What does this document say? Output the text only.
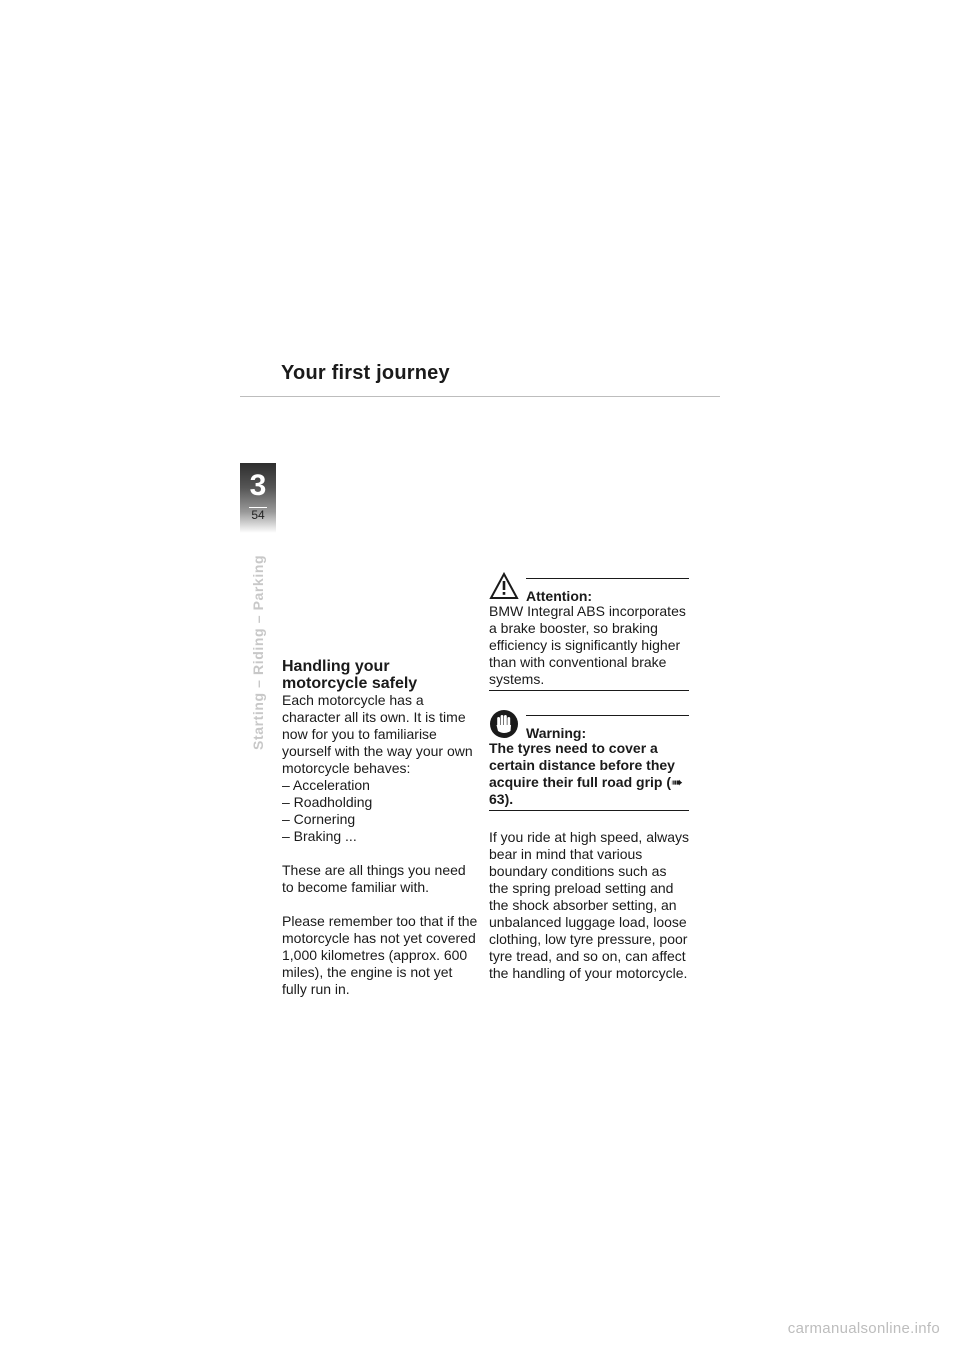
Your first journey
3
54
Starting – Riding – Parking Handling your motorcycle safely

Each motorcycle has a character all its own. It is time now for you to familiarise yourself with the way your own motorcycle behaves:

– Acceleration
– Roadholding
– Cornering
– Braking ...

These are all things you need to become familiar with.

Please remember too that if the motorcycle has not yet covered 1,000 kilometres (approx. 600 miles), the engine is not yet fully run in.

Attention:

BMW Integral ABS incorporates a brake booster, so braking efficiency is significantly higher than with conventional brake systems.

Warning:

The tyres need to cover a certain distance before they acquire their full road grip (➠ 63).

If you ride at high speed, always bear in mind that various boundary conditions such as the spring preload setting and the shock absorber setting, an unbalanced luggage load, loose clothing, low tyre pressure, poor tyre tread, and so on, can affect the handling of your motorcycle.

carmanualsonline.info
